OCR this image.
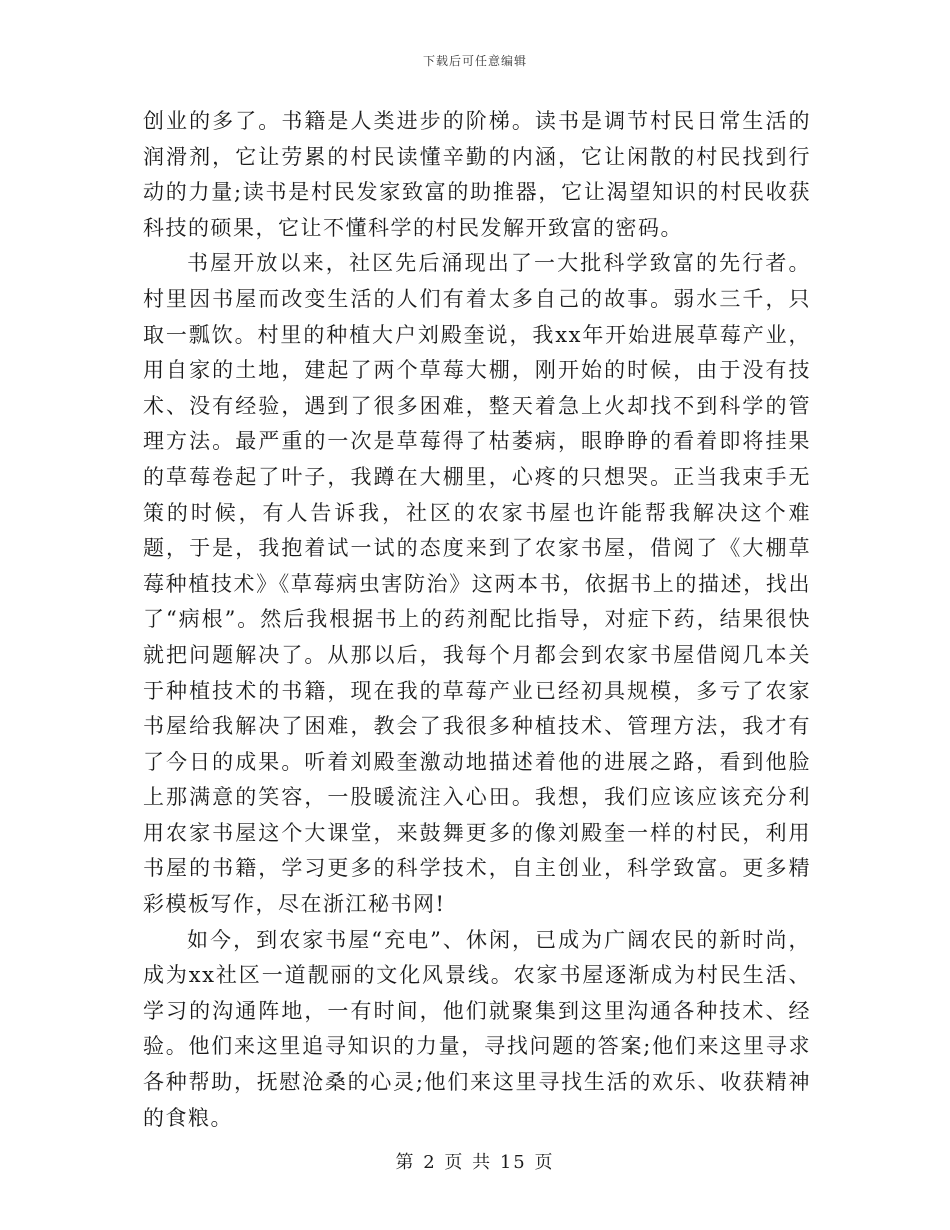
下载后可任意编辑

创业的多了。书籍是人类进步的阶梯。读书是调节村民日常生活的润滑剂，它让劳累的村民读懂辛勤的内涵，它让闲散的村民找到行动的力量;读书是村民发家致富的助推器，它让渴望知识的村民收获科技的硕果，它让不懂科学的村民发解开致富的密码。

书屋开放以来，社区先后涌现出了一大批科学致富的先行者。村里因书屋而改变生活的人们有着太多自己的故事。弱水三千，只取一瓢饮。村里的种植大户刘殿奎说，我xx年开始进展草莓产业，用自家的土地，建起了两个草莓大棚，刚开始的时候，由于没有技术、没有经验，遇到了很多困难，整天着急上火却找不到科学的管理方法。最严重的一次是草莓得了枯萎病，眼睁睁的看着即将挂果的草莓卷起了叶子，我蹲在大棚里，心疼的只想哭。正当我束手无策的时候，有人告诉我，社区的农家书屋也许能帮我解决这个难题，于是，我抱着试一试的态度来到了农家书屋，借阅了《大棚草莓种植技术》《草莓病虫害防治》这两本书，依据书上的描述，找出了“病根”。然后我根据书上的药剂配比指导，对症下药，结果很快就把问题解决了。从那以后，我每个月都会到农家书屋借阅几本关于种植技术的书籍，现在我的草莓产业已经初具规模，多亏了农家书屋给我解决了困难，教会了我很多种植技术、管理方法，我才有了今日的成果。听着刘殿奎激动地描述着他的进展之路，看到他脸上那满意的笑容，一股暖流注入心田。我想，我们应该应该充分利用农家书屋这个大课堂，来鼓舞更多的像刘殿奎一样的村民，利用书屋的书籍，学习更多的科学技术，自主创业，科学致富。更多精彩模板写作，尽在浙江秘书网!

如今，到农家书屋“充电”、休闲，已成为广阔农民的新时尚，成为xx社区一道靓丽的文化风景线。农家书屋逐渐成为村民生活、学习的沟通阵地，一有时间，他们就聚集到这里沟通各种技术、经验。他们来这里追寻知识的力量，寻找问题的答案;他们来这里寻求各种帮助，抚慰沧桑的心灵;他们来这里寻找生活的欢乐、收获精神的食粮。

第 2 页 共 15 页
